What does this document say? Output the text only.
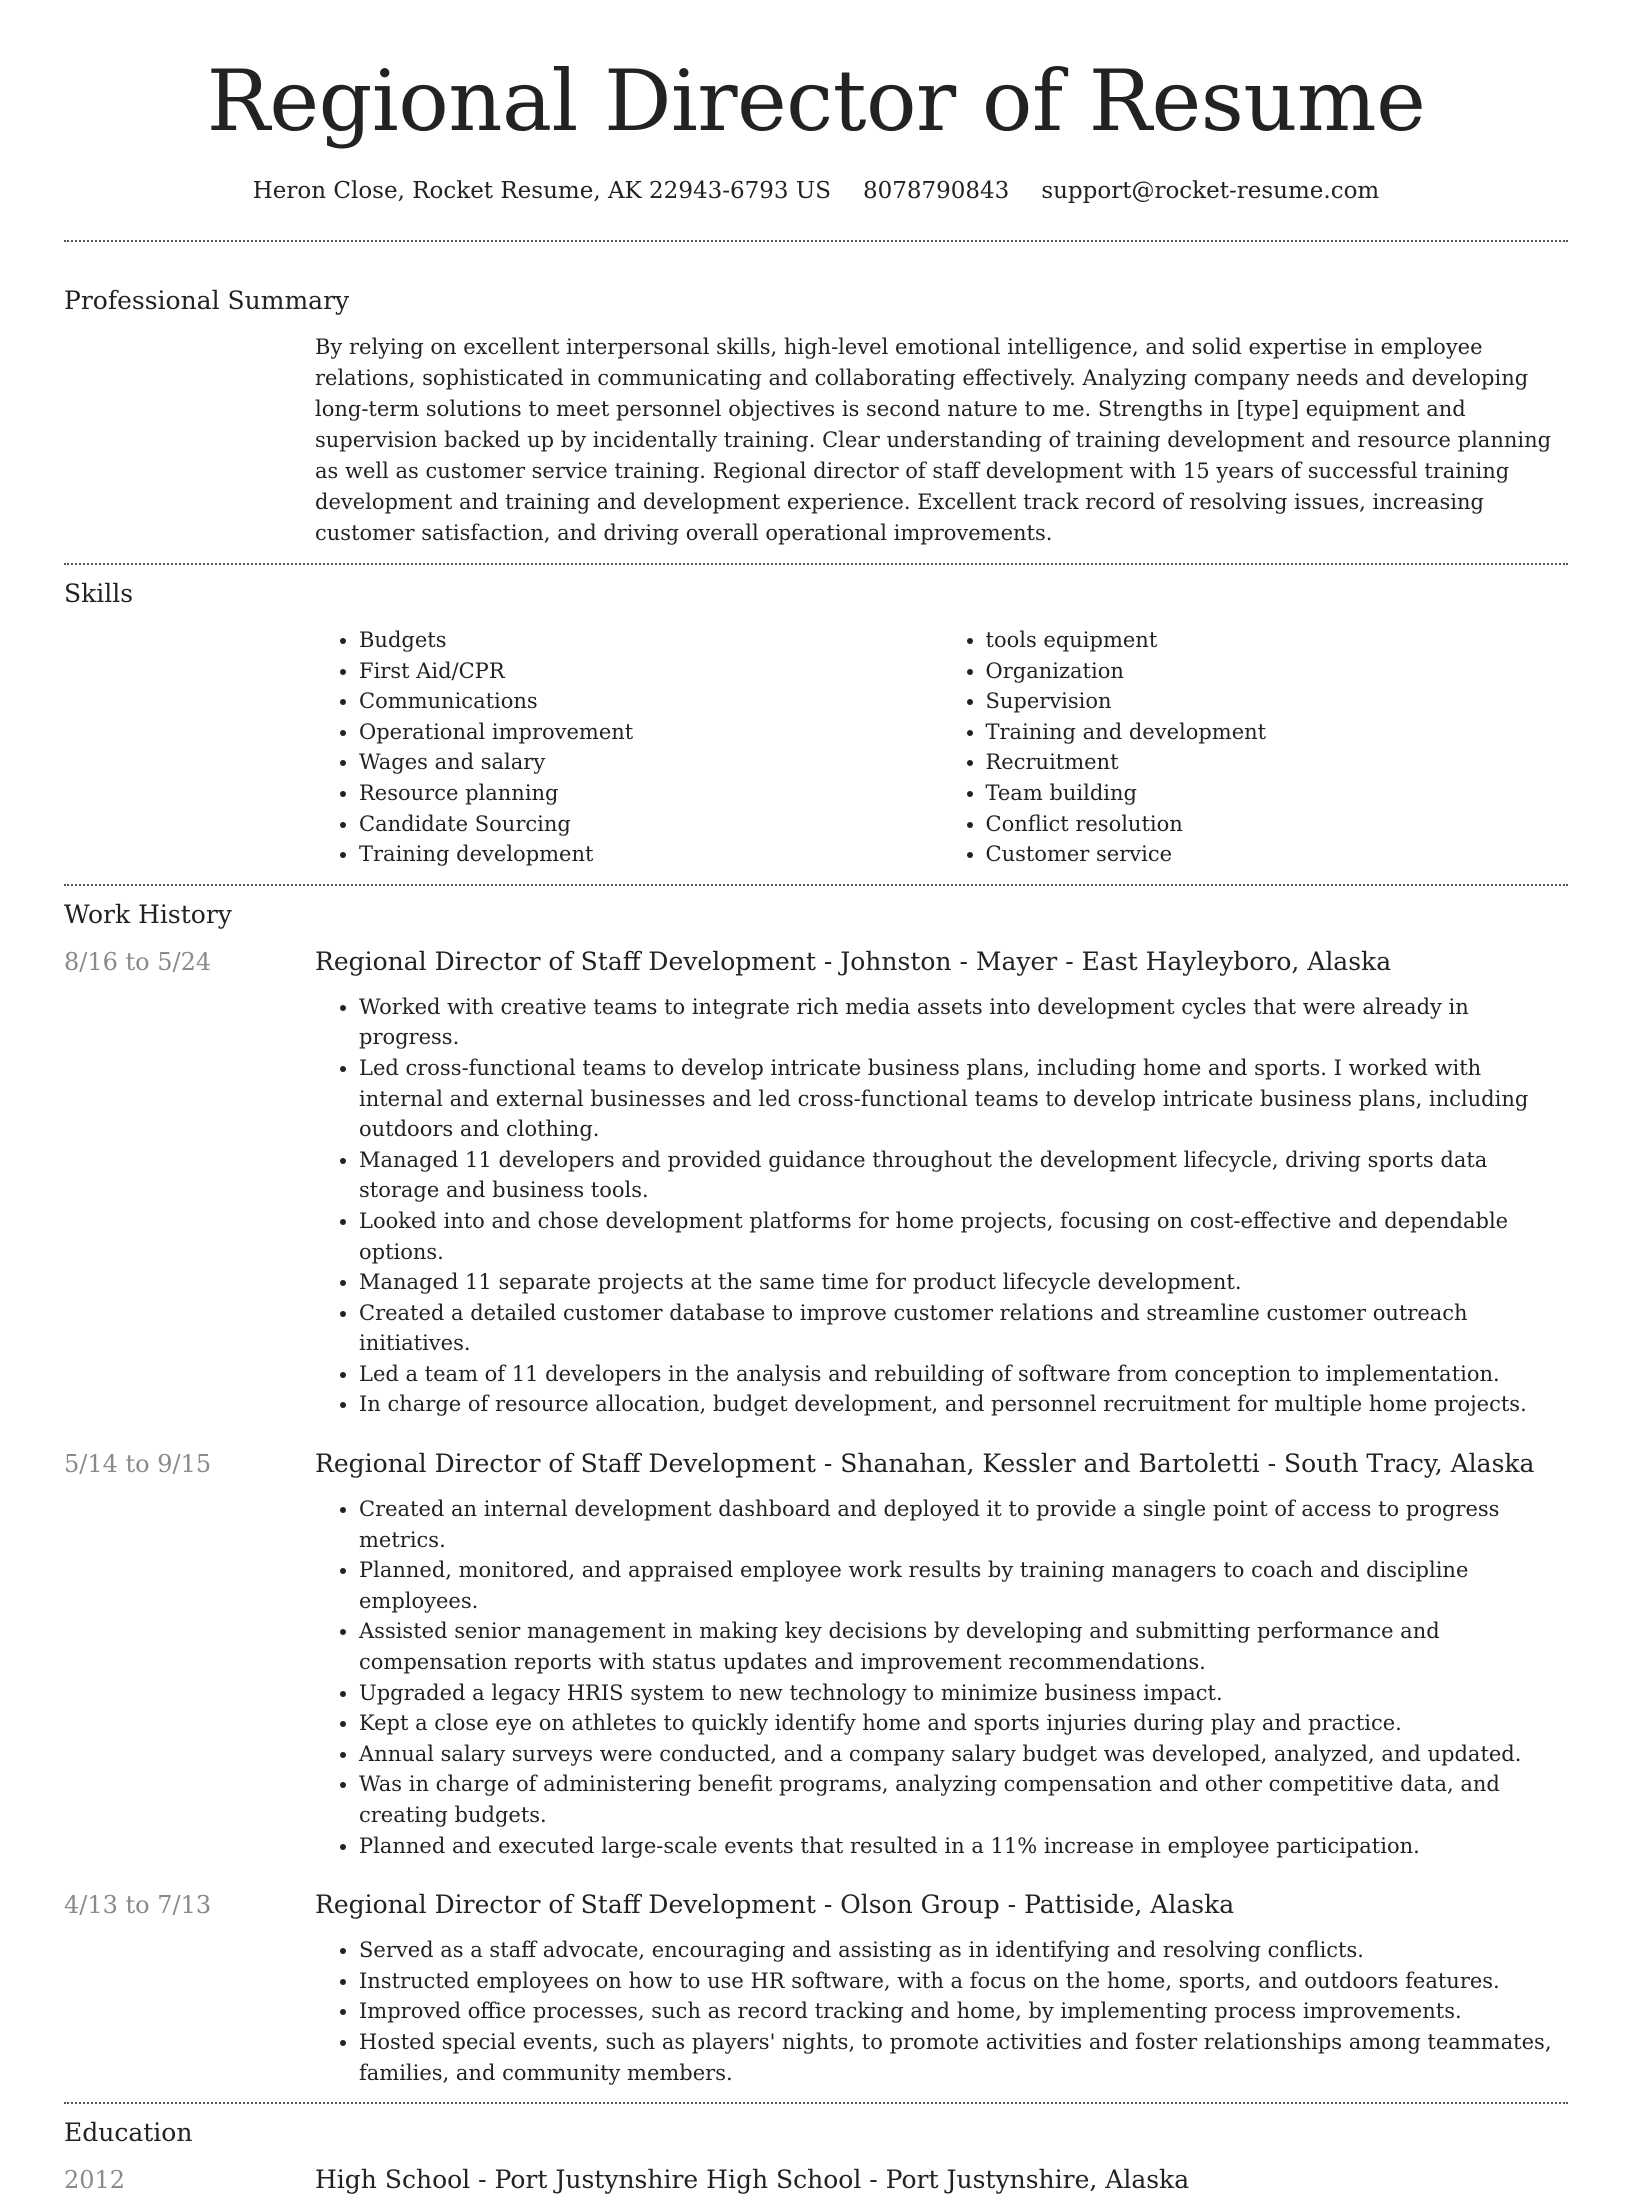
Regional Director of Resume
Heron Close, Rocket Resume, AK 22943-6793 US 8078790843 support@rocket-resume.com
Professional Summary

By relying on excellent interpersonal skills, high-level emotional intelligence, and solid expertise in employee relations, sophisticated in communicating and collaborating effectively. Analyzing company needs and developing long-term solutions to meet personnel objectives is second nature to me. Strengths in [type] equipment and supervision backed up by incidentally training. Clear understanding of training development and resource planning as well as customer service training. Regional director of staff development with 15 years of successful training development and training and development experience. Excellent track record of resolving issues, increasing customer satisfaction, and driving overall operational improvements.

Skills
• Budgets
• First Aid/CPR
• Communications
• Operational improvement
• Wages and salary
• Resource planning
• Candidate Sourcing
• Training development
• tools equipment
• Organization
• Supervision
• Training and development
• Recruitment
• Team building
• Conflict resolution
• Customer service
Work History
8/16 to 5/24	Regional Director of Staff Development - Johnston - Mayer - East Hayleyboro, Alaska
• Worked with creative teams to integrate rich media assets into development cycles that were already in progress.
• Led cross-functional teams to develop intricate business plans, including home and sports. I worked with internal and external businesses and led cross-functional teams to develop intricate business plans, including outdoors and clothing.
• Managed 11 developers and provided guidance throughout the development lifecycle, driving sports data storage and business tools.
• Looked into and chose development platforms for home projects, focusing on cost-effective and dependable options.
• Managed 11 separate projects at the same time for product lifecycle development.
• Created a detailed customer database to improve customer relations and streamline customer outreach initiatives.
• Led a team of 11 developers in the analysis and rebuilding of software from conception to implementation.
• In charge of resource allocation, budget development, and personnel recruitment for multiple home projects.
5/14 to 9/15	Regional Director of Staff Development - Shanahan, Kessler and Bartoletti - South Tracy, Alaska
• Created an internal development dashboard and deployed it to provide a single point of access to progress metrics.
• Planned, monitored, and appraised employee work results by training managers to coach and discipline employees.
• Assisted senior management in making key decisions by developing and submitting performance and compensation reports with status updates and improvement recommendations.
• Upgraded a legacy HRIS system to new technology to minimize business impact.
• Kept a close eye on athletes to quickly identify home and sports injuries during play and practice.
• Annual salary surveys were conducted, and a company salary budget was developed, analyzed, and updated.
• Was in charge of administering benefit programs, analyzing compensation and other competitive data, and creating budgets.
• Planned and executed large-scale events that resulted in a 11% increase in employee participation.
4/13 to 7/13	Regional Director of Staff Development - Olson Group - Pattiside, Alaska
• Served as a staff advocate, encouraging and assisting as in identifying and resolving conflicts.
• Instructed employees on how to use HR software, with a focus on the home, sports, and outdoors features.
• Improved office processes, such as record tracking and home, by implementing process improvements.
• Hosted special events, such as players' nights, to promote activities and foster relationships among teammates, families, and community members.
Education
2012	High School - Port Justynshire High School - Port Justynshire, Alaska
